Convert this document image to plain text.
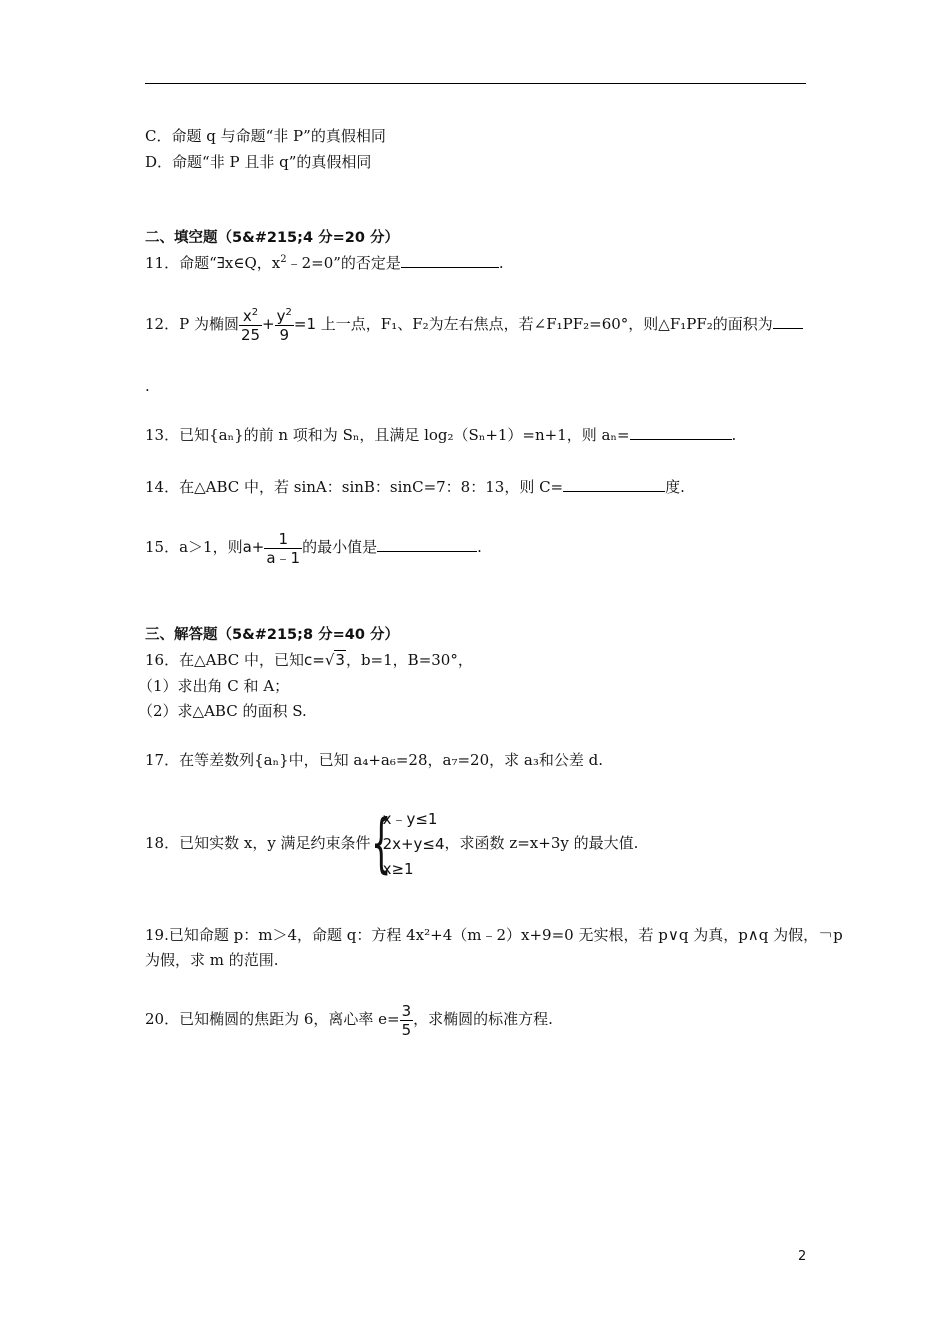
C．命题 q 与命题“非 P”的真假相同
D．命题“非 P 且非 q”的真假相同
二、填空题（5&#215;4 分=20 分）
11．命题“∃x∈Q，$x^2﹣2=0$”的否定是	.
12．P 为椭圆 $\frac{x^2}{25} + \frac{y^2}{9} =1$ 上一点，F₁、F₂为左右焦点，若∠F₁PF₂=60°，则△F₁PF₂的面积为
.
13．已知{aₙ}的前 n 项和为 Sₙ，且满足 log₂（Sₙ+1）=n+1，则 aₙ=	.
14．在△ABC 中，若 sinA：sinB：sinC=7：8：13，则 C=	度.
15．a＞1，则$a+ \frac{1}{a﹣1}$ 的最小值是	.
三、解答题（5&#215;8 分=40 分）
16．在△ABC 中，已知c=√3，b=1，B=30°，
（1）求出角 C 和 A；
（2）求△ABC 的面积 S.
17．在等差数列{aₙ}中，已知 a₄+a₆=28，a₇=20，求 a₃和公差 d.
18．已知实数 x，y 满足约束条件 {
x﹣y≤1
2x+y≤4
x≥1
，求函数 z=x+3y 的最大值.
19.已知命题 p：m＞4，命题 q：方程 4x²+4（m﹣2）x+9=0 无实根，若 p∨q 为真，p∧q 为假，￢p
为假，求 m 的范围.
20．已知椭圆的焦距为 6，离心率 $e= \frac{3}{5}$ ，求椭圆的标准方程.
2
